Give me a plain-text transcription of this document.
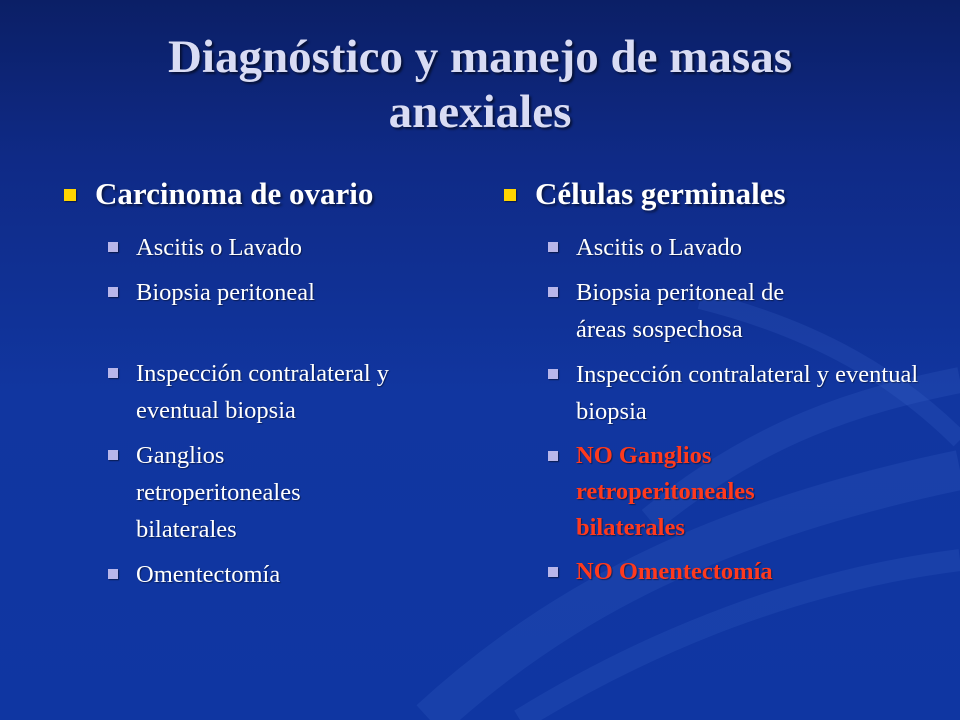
Diagnóstico y manejo de masas
anexiales
Carcinoma de ovario
Ascitis o Lavado
Biopsia peritoneal
Inspección contralateral y eventual biopsia
Ganglios retroperitoneales bilaterales
Omentectomía
Células germinales
Ascitis o Lavado
Biopsia peritoneal de áreas sospechosa
Inspección contralateral y eventual biopsia
NO Ganglios retroperitoneales bilaterales
NO Omentectomía
